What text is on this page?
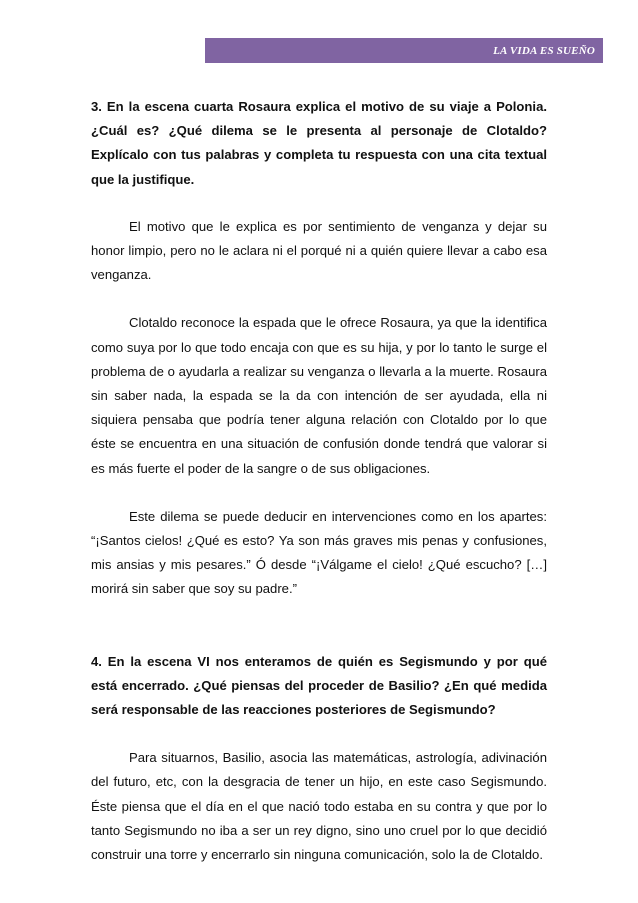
LA VIDA ES SUEÑO

3. En la escena cuarta Rosaura explica el motivo de su viaje a Polonia. ¿Cuál es? ¿Qué dilema se le presenta al personaje de Clotaldo? Explícalo con tus palabras y completa tu respuesta con una cita textual que la justifique.

El motivo que le explica es por sentimiento de venganza y dejar su honor limpio, pero no le aclara ni el porqué ni a quién quiere llevar a cabo esa venganza.

Clotaldo reconoce la espada que le ofrece Rosaura, ya que la identifica como suya por lo que todo encaja con que es su hija, y por lo tanto le surge el problema de o ayudarla a realizar su venganza o llevarla a la muerte. Rosaura sin saber nada, la espada se la da con intención de ser ayudada, ella ni siquiera pensaba que podría tener alguna relación con Clotaldo por lo que éste se encuentra en una situación de confusión donde tendrá que valorar si es más fuerte el poder de la sangre o de sus obligaciones.

Este dilema se puede deducir en intervenciones como en los apartes: “¡Santos cielos! ¿Qué es esto? Ya son más graves mis penas y confusiones, mis ansias y mis pesares.” Ó desde “¡Válgame el cielo! ¿Qué escucho? […] morirá sin saber que soy su padre.”

4. En la escena VI nos enteramos de quién es Segismundo y por qué está encerrado. ¿Qué piensas del proceder de Basilio? ¿En qué medida será responsable de las reacciones posteriores de Segismundo?

Para situarnos, Basilio, asocia las matemáticas, astrología, adivinación del futuro, etc, con la desgracia de tener un hijo, en este caso Segismundo. Éste piensa que el día en el que nació todo estaba en su contra y que por lo tanto Segismundo no iba a ser un rey digno, sino uno cruel por lo que decidió construir una torre y encerrarlo sin ninguna comunicación, solo la de Clotaldo.
